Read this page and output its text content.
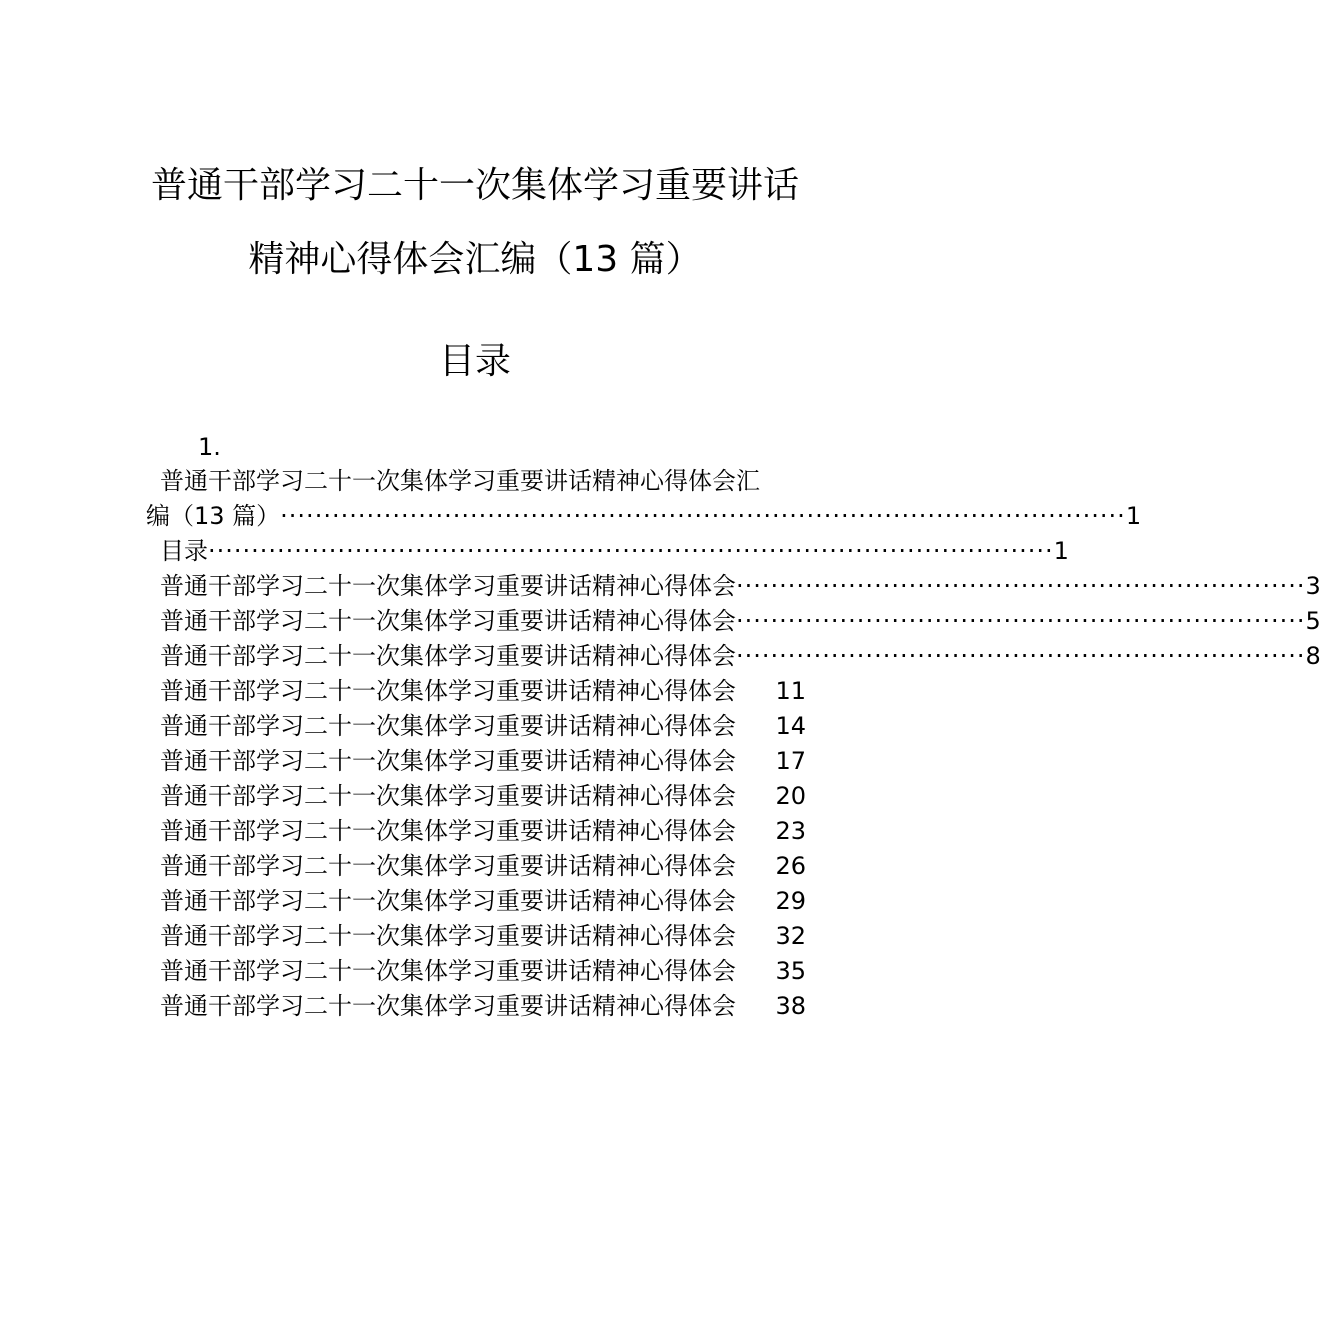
普通干部学习二十一次集体学习重要讲话
精神心得体会汇编（13 篇）
目录
1.
普通干部学习二十一次集体学习重要讲话精神心得体会汇
编（13 篇） ·································································································· 1
目录 ·································································································· 1
普通干部学习二十一次集体学习重要讲话精神心得体会 ·································································· 3
普通干部学习二十一次集体学习重要讲话精神心得体会 ·································································· 5
普通干部学习二十一次集体学习重要讲话精神心得体会 ·································································· 8
普通干部学习二十一次集体学习重要讲话精神心得体会 11
普通干部学习二十一次集体学习重要讲话精神心得体会 14
普通干部学习二十一次集体学习重要讲话精神心得体会 17
普通干部学习二十一次集体学习重要讲话精神心得体会 20
普通干部学习二十一次集体学习重要讲话精神心得体会 23
普通干部学习二十一次集体学习重要讲话精神心得体会 26
普通干部学习二十一次集体学习重要讲话精神心得体会 29
普通干部学习二十一次集体学习重要讲话精神心得体会 32
普通干部学习二十一次集体学习重要讲话精神心得体会 35
普通干部学习二十一次集体学习重要讲话精神心得体会 38
